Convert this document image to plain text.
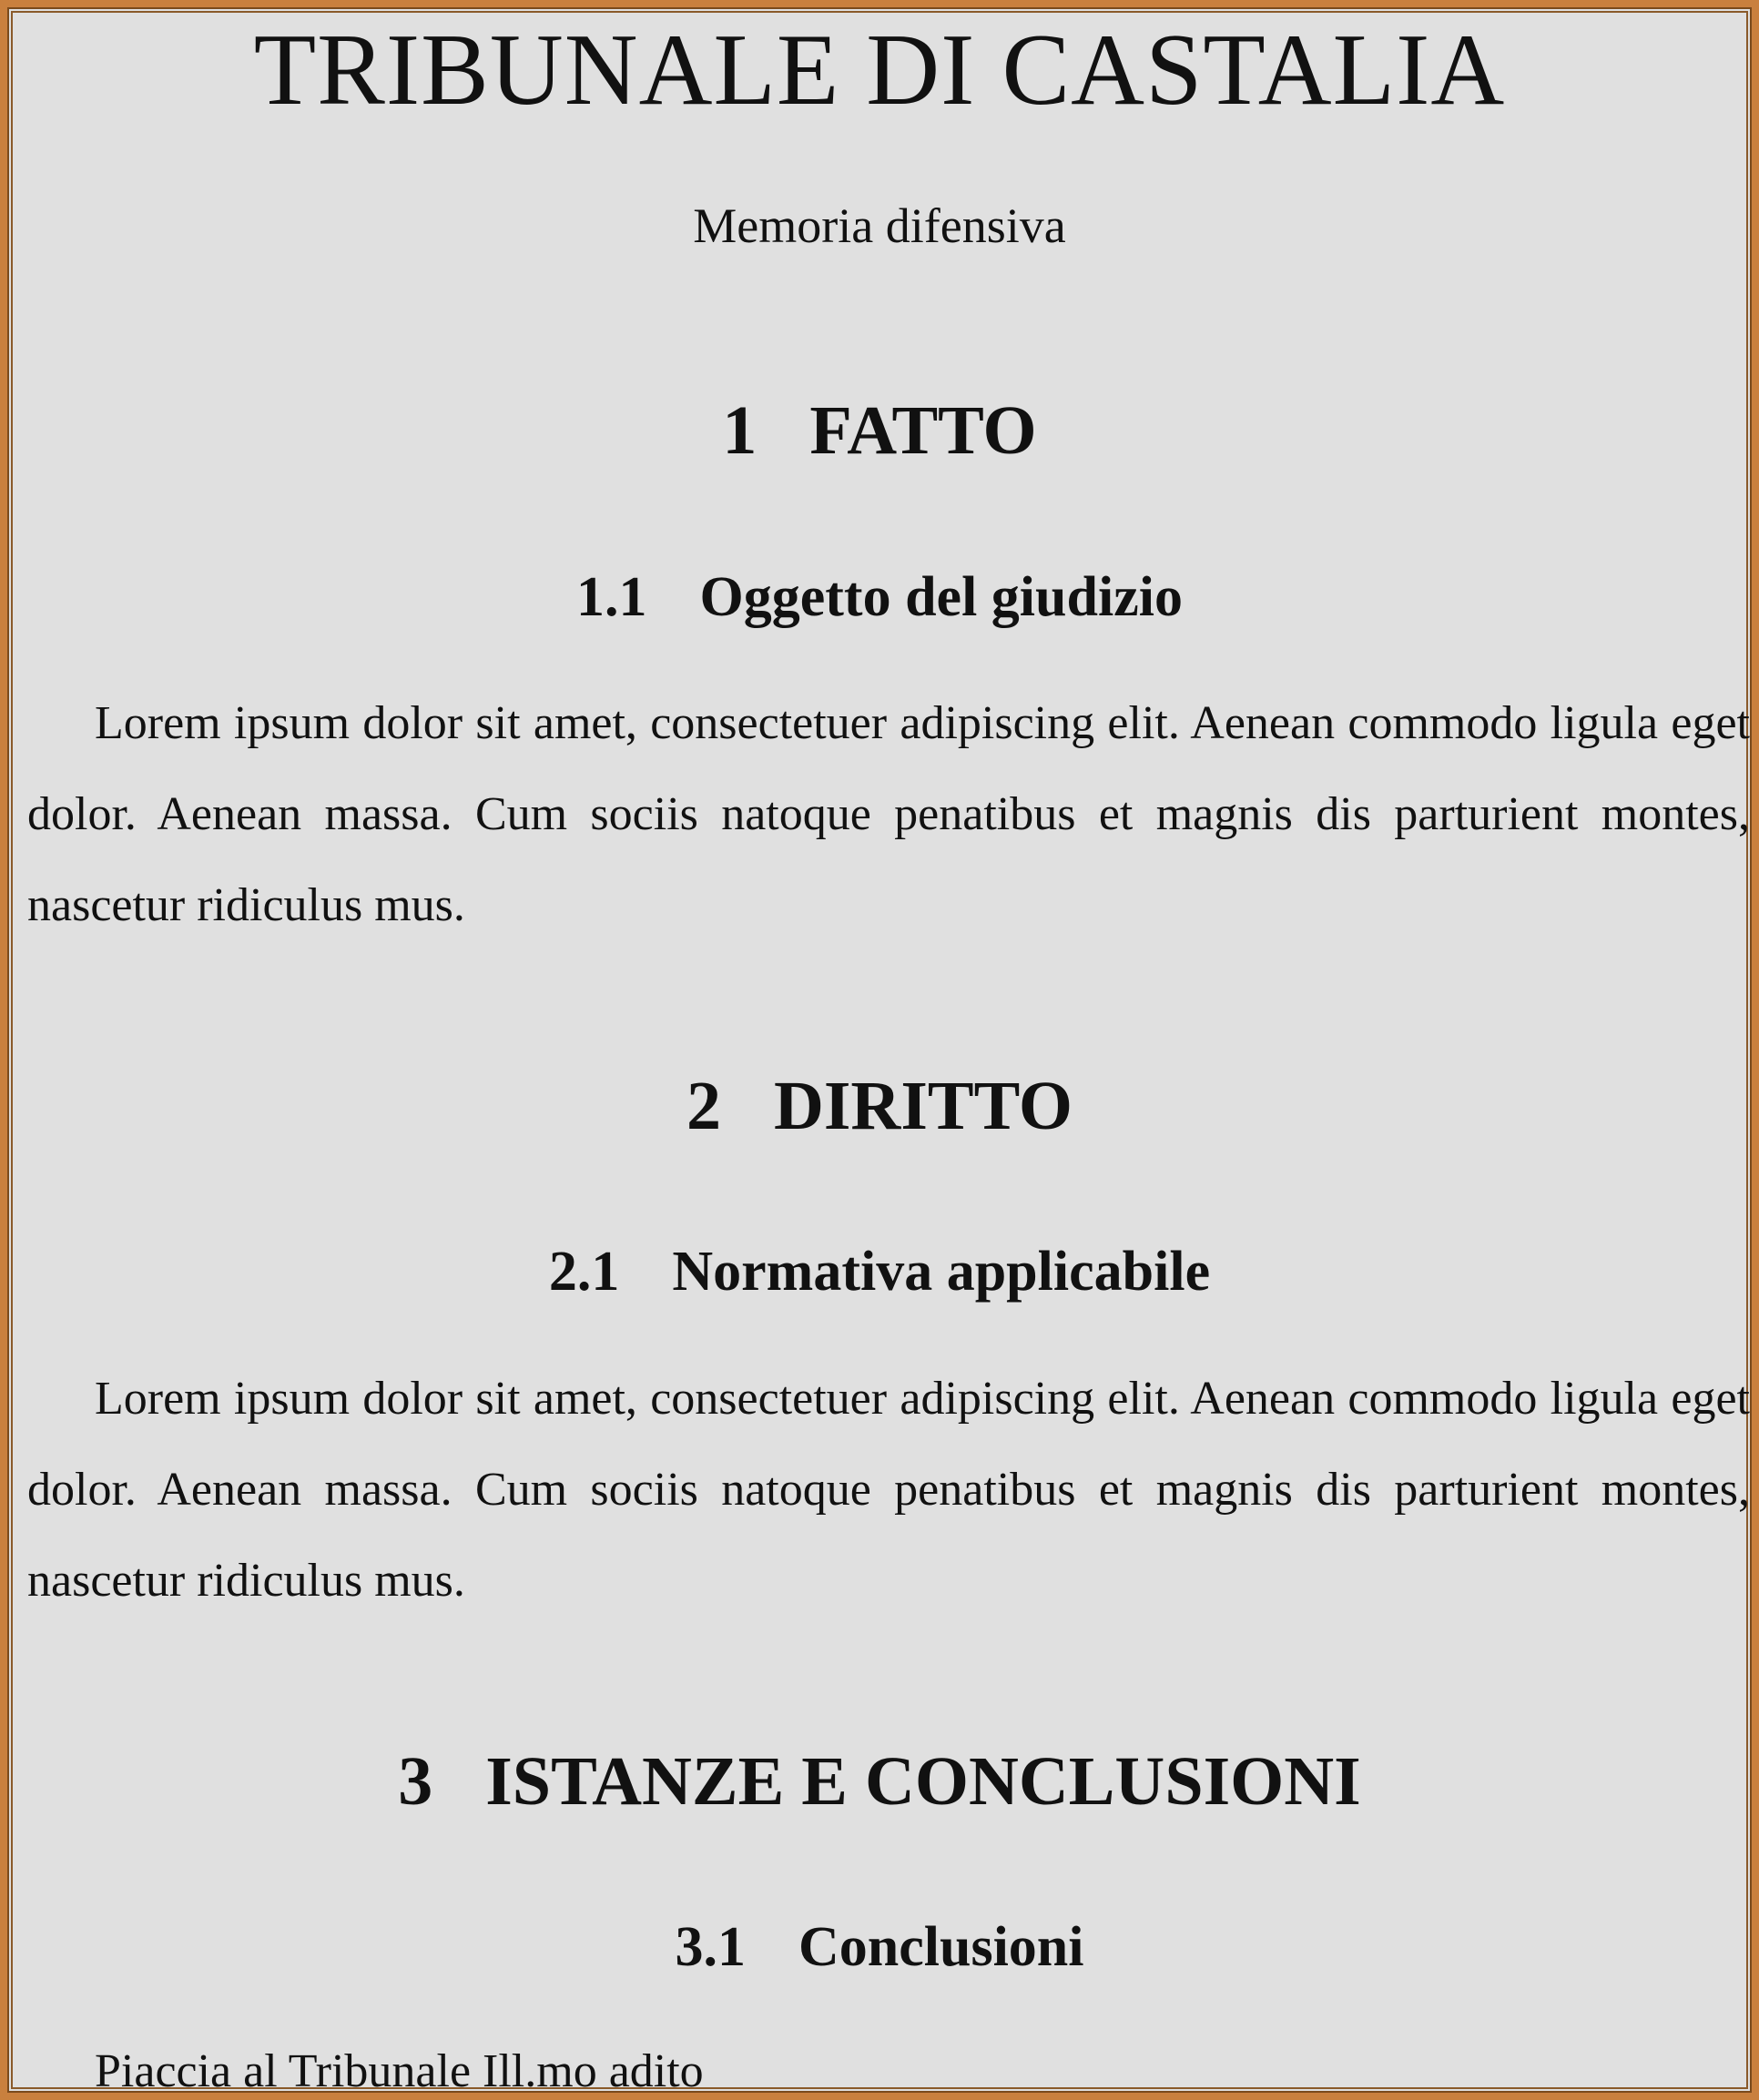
TRIBUNALE DI CASTALIA
Memoria difensiva
1 FATTO
1.1 Oggetto del giudizio

Lorem ipsum dolor sit amet, consectetuer adipiscing elit. Aenean commodo ligula eget dolor. Aenean massa. Cum sociis natoque penatibus et magnis dis parturient montes, nascetur ridiculus mus.

2 DIRITTO
2.1 Normativa applicabile

Lorem ipsum dolor sit amet, consectetuer adipiscing elit. Aenean commodo ligula eget dolor. Aenean massa. Cum sociis natoque penatibus et magnis dis parturient montes, nascetur ridiculus mus.

3 ISTANZE E CONCLUSIONI
3.1 Conclusioni
Piaccia al Tribunale Ill.mo adito
